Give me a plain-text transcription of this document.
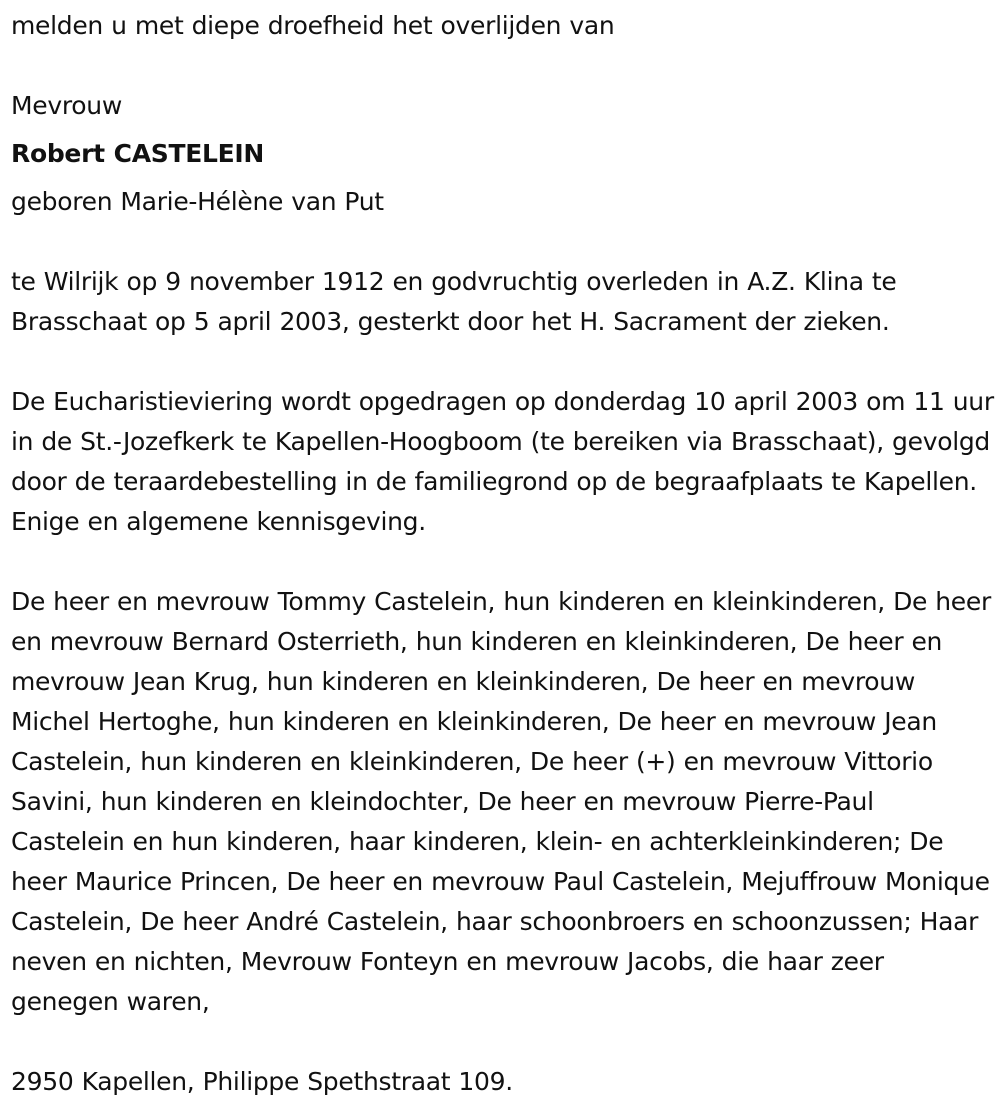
melden u met diepe droefheid het overlijden van

Mevrouw

Robert CASTELEIN

geboren Marie-Hélène van Put

te Wilrijk op 9 november 1912 en godvruchtig overleden in A.Z. Klina te Brasschaat op 5 april 2003, gesterkt door het H. Sacrament der zieken.

De Eucharistieviering wordt opgedragen op donderdag 10 april 2003 om 11 uur in de St.-Jozefkerk te Kapellen-Hoogboom (te bereiken via Brasschaat), gevolgd door de teraardebestelling in de familiegrond op de begraafplaats te Kapellen. Enige en algemene kennisgeving.

De heer en mevrouw Tommy Castelein, hun kinderen en kleinkinderen, De heer en mevrouw Bernard Osterrieth, hun kinderen en kleinkinderen, De heer en mevrouw Jean Krug, hun kinderen en kleinkinderen, De heer en mevrouw Michel Hertoghe, hun kinderen en kleinkinderen, De heer en mevrouw Jean Castelein, hun kinderen en kleinkinderen, De heer (+) en mevrouw Vittorio Savini, hun kinderen en kleindochter, De heer en mevrouw Pierre-Paul Castelein en hun kinderen, haar kinderen, klein- en achterkleinkinderen; De heer Maurice Princen, De heer en mevrouw Paul Castelein, Mejuffrouw Monique Castelein, De heer André Castelein, haar schoonbroers en schoonzussen; Haar neven en nichten, Mevrouw Fonteyn en mevrouw Jacobs, die haar zeer genegen waren,

2950 Kapellen, Philippe Spethstraat 109.
